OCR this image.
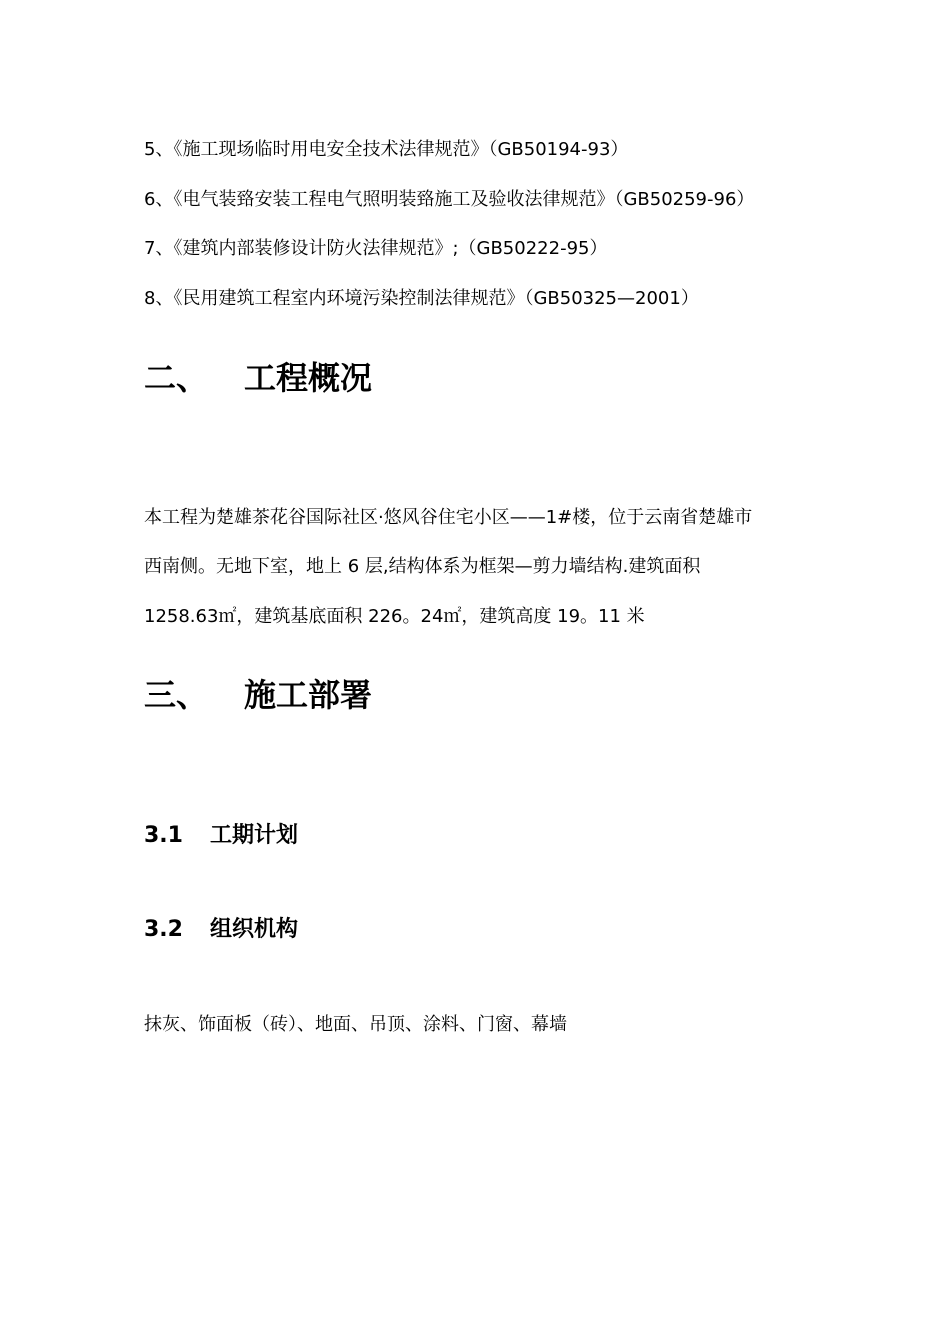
5、《施工现场临时用电安全技术法律规范》（GB50194-93）
6、《电气装臵安装工程电气照明装臵施工及验收法律规范》（GB50259-96）
7、《建筑内部装修设计防火法律规范》;（GB50222-95）
8、《民用建筑工程室内环境污染控制法律规范》（GB50325—2001）
二、 工程概况
本工程为楚雄茶花谷国际社区·悠风谷住宅小区——1#楼，位于云南省楚雄市
西南侧。无地下室，地上 6 层,结构体系为框架—剪力墙结构.建筑面积
1258.63㎡，建筑基底面积 226。24㎡，建筑高度 19。11 米
三、 施工部署
3.1 工期计划
3.2 组织机构
抹灰、饰面板（砖）、地面、吊顶、涂料、门窗、幕墙
